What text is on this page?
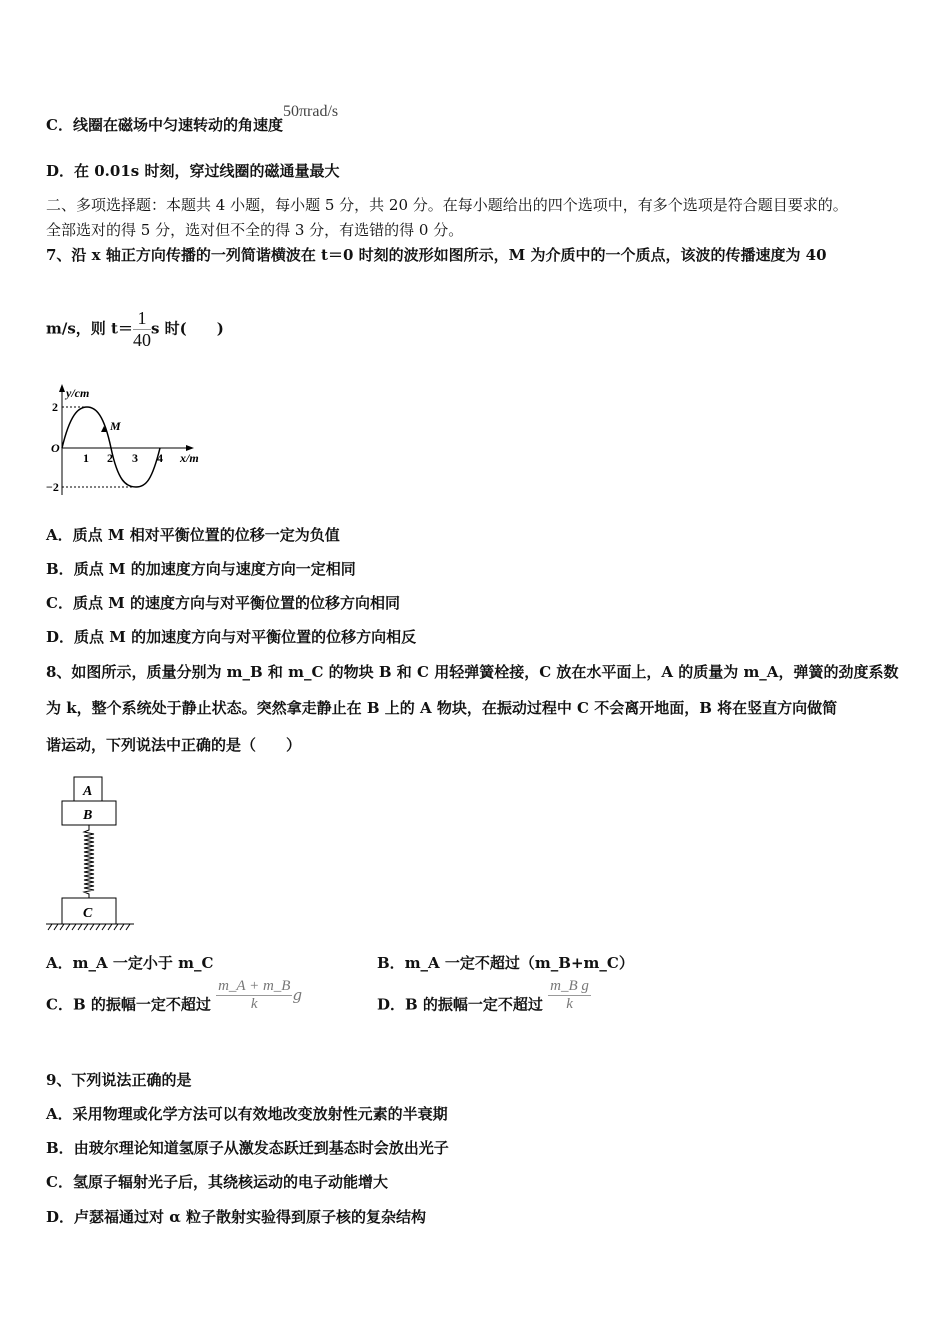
C．线圈在磁场中匀速转动的角速度50πrad/s
D．在 0.01s 时刻，穿过线圈的磁通量最大
二、多项选择题：本题共 4 小题，每小题 5 分，共 20 分。在每小题给出的四个选项中，有多个选项是符合题目要求的。
全部选对的得 5 分，选对但不全的得 3 分，有选错的得 0 分。
7、沿 x 轴正方向传播的一列简谐横波在 t＝0 时刻的波形如图所示，M 为介质中的一个质点，该波的传播速度为 40
m/s，则 $t= \frac{1}{40}$ s 时(　　)
y/cm
2
−2
O
1 2 3 4 x/m
M
A．质点 M 相对平衡位置的位移一定为负值
B．质点 M 的加速度方向与速度方向一定相同
C．质点 M 的速度方向与对平衡位置的位移方向相同
D．质点 M 的加速度方向与对平衡位置的位移方向相反
8、如图所示，质量分别为 m_B 和 m_C 的物块 B 和 C 用轻弹簧栓接，C 放在水平面上，A 的质量为 m_A，弹簧的劲度系数
为 k，整个系统处于静止状态。突然拿走静止在 B 上的 A 物块，在振动过程中 C 不会离开地面，B 将在竖直方向做简
谐运动，下列说法中正确的是（　　）
A
B
C
A．m_A 一定小于 m_C	B．m_A 一定不超过（m_B+m_C）
C．B 的振幅一定不超过 $\frac{m\_A + m\_B}{k}$ g
D．B 的振幅一定不超过 $\frac{\text{m\_B g}}{k}$
9、下列说法正确的是
A．采用物理或化学方法可以有效地改变放射性元素的半衰期
B．由玻尔理论知道氢原子从激发态跃迁到基态时会放出光子
C．氢原子辐射光子后，其绕核运动的电子动能增大
D．卢瑟福通过对 α 粒子散射实验得到原子核的复杂结构
